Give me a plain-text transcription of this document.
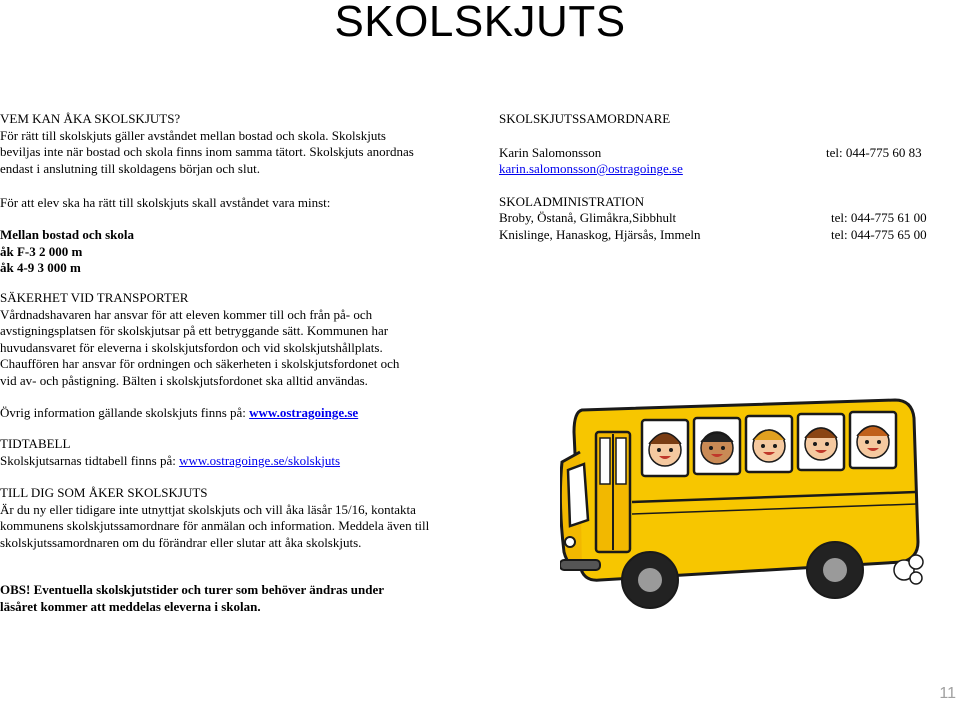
SKOLSKJUTS
VEM KAN ÅKA SKOLSKJUTS?
För rätt till skolskjuts gäller avståndet mellan bostad och skola. Skolskjuts
beviljas inte när bostad och skola finns inom samma tätort. Skolskjuts anordnas
endast i anslutning till skoldagens början och slut.
För att elev ska ha rätt till skolskjuts skall avståndet vara minst:
Mellan bostad och skola
åk F-3 2 000 m
åk 4-9 3 000 m
SKOLSKJUTSSAMORDNARE
Karin Salomonsson	tel: 044-775 60 83
karin.salomonsson@ostragoinge.se
SKOLADMINISTRATION
Broby, Östanå, Glimåkra,Sibbhult	tel: 044-775 61 00
Knislinge, Hanaskog, Hjärsås, Immeln	tel: 044-775 65 00
SÄKERHET VID TRANSPORTER
Vårdnadshavaren har ansvar för att eleven kommer till och från på- och
avstigningsplatsen för skolskjutsar på ett betryggande sätt. Kommunen har
huvudansvaret för eleverna i skolskjutsfordon och vid skolskjutshållplats.
Chauffören har ansvar för ordningen och säkerheten i skolskjutsfordonet och
vid av- och påstigning. Bälten i skolskjutsfordonet ska alltid användas.
Övrig information gällande skolskjuts finns på: www.ostragoinge.se
TIDTABELL
Skolskjutsarnas tidtabell finns på: www.ostragoinge.se/skolskjuts
TILL DIG SOM ÅKER SKOLSKJUTS
Är du ny eller tidigare inte utnyttjat skolskjuts och vill åka läsår 15/16, kontakta
kommunens skolskjutssamordnare för anmälan och information. Meddela även till
skolskjutssamordnaren om du förändrar eller slutar att åka skolskjuts.
OBS! Eventuella skolskjutstider och turer som behöver ändras under
läsåret kommer att meddelas eleverna i skolan.
11
